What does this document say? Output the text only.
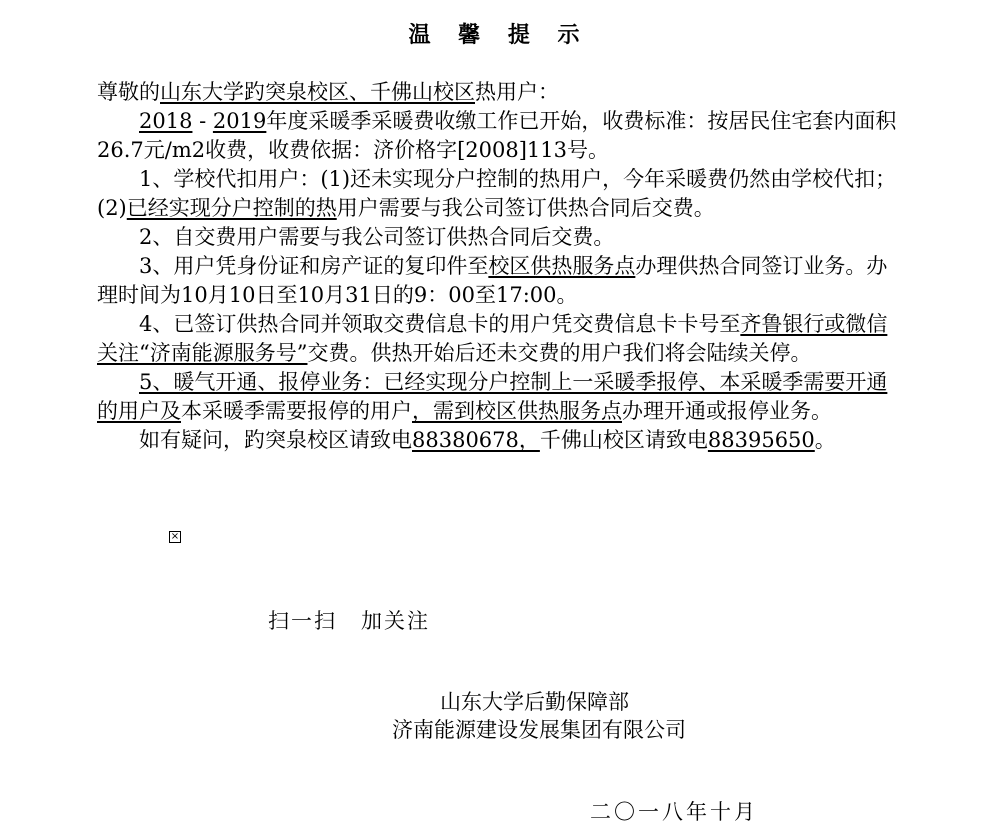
温 馨 提 示

尊敬的山东大学趵突泉校区、千佛山校区热用户：

2018 - 2019年度采暖季采暖费收缴工作已开始，收费标准：按居民住宅套内面积26.7元/m2收费，收费依据：济价格字[2008]113号。

1、学校代扣用户：(1)还未实现分户控制的热用户，今年采暖费仍然由学校代扣；(2)已经实现分户控制的热用户需要与我公司签订供热合同后交费。

2、自交费用户需要与我公司签订供热合同后交费。

3、用户凭身份证和房产证的复印件至校区供热服务点办理供热合同签订业务。办理时间为10月10日至10月31日的9：00至17:00。

4、已签订供热合同并领取交费信息卡的用户凭交费信息卡卡号至齐鲁银行或微信关注“济南能源服务号”交费。供热开始后还未交费的用户我们将会陆续关停。

5、暖气开通、报停业务：已经实现分户控制上一采暖季报停、本采暖季需要开通的用户及本采暖季需要报停的用户，需到校区供热服务点办理开通或报停业务。

如有疑问，趵突泉校区请致电88380678，千佛山校区请致电88395650。

×
扫一扫 加关注
山东大学后勤保障部
济南能源建设发展集团有限公司
二〇一八年十月
